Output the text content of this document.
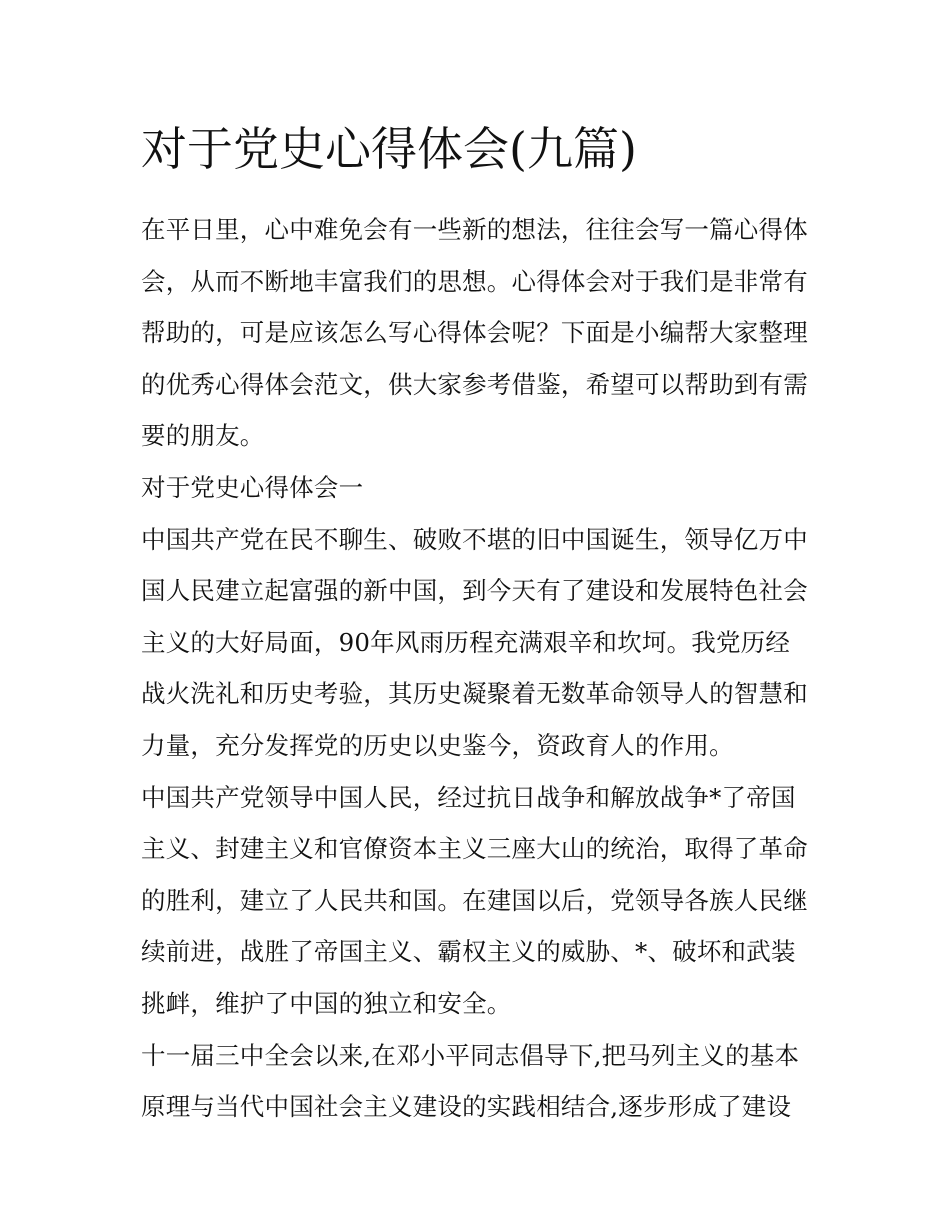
对于党史心得体会(九篇)

在平日里，心中难免会有一些新的想法，往往会写一篇心得体
会，从而不断地丰富我们的思想。心得体会对于我们是非常有
帮助的，可是应该怎么写心得体会呢？下面是小编帮大家整理
的优秀心得体会范文，供大家参考借鉴，希望可以帮助到有需
要的朋友。

对于党史心得体会一

中国共产党在民不聊生、破败不堪的旧中国诞生，领导亿万中
国人民建立起富强的新中国，到今天有了建设和发展特色社会
主义的大好局面，90年风雨历程充满艰辛和坎坷。我党历经
战火洗礼和历史考验，其历史凝聚着无数革命领导人的智慧和
力量，充分发挥党的历史以史鉴今，资政育人的作用。

中国共产党领导中国人民，经过抗日战争和解放战争*了帝国
主义、封建主义和官僚资本主义三座大山的统治，取得了革命
的胜利，建立了人民共和国。在建国以后，党领导各族人民继
续前进，战胜了帝国主义、霸权主义的威胁、*、破坏和武装
挑衅，维护了中国的独立和安全。

十一届三中全会以来,在邓小平同志倡导下,把马列主义的基本
原理与当代中国社会主义建设的实践相结合,逐步形成了建设
